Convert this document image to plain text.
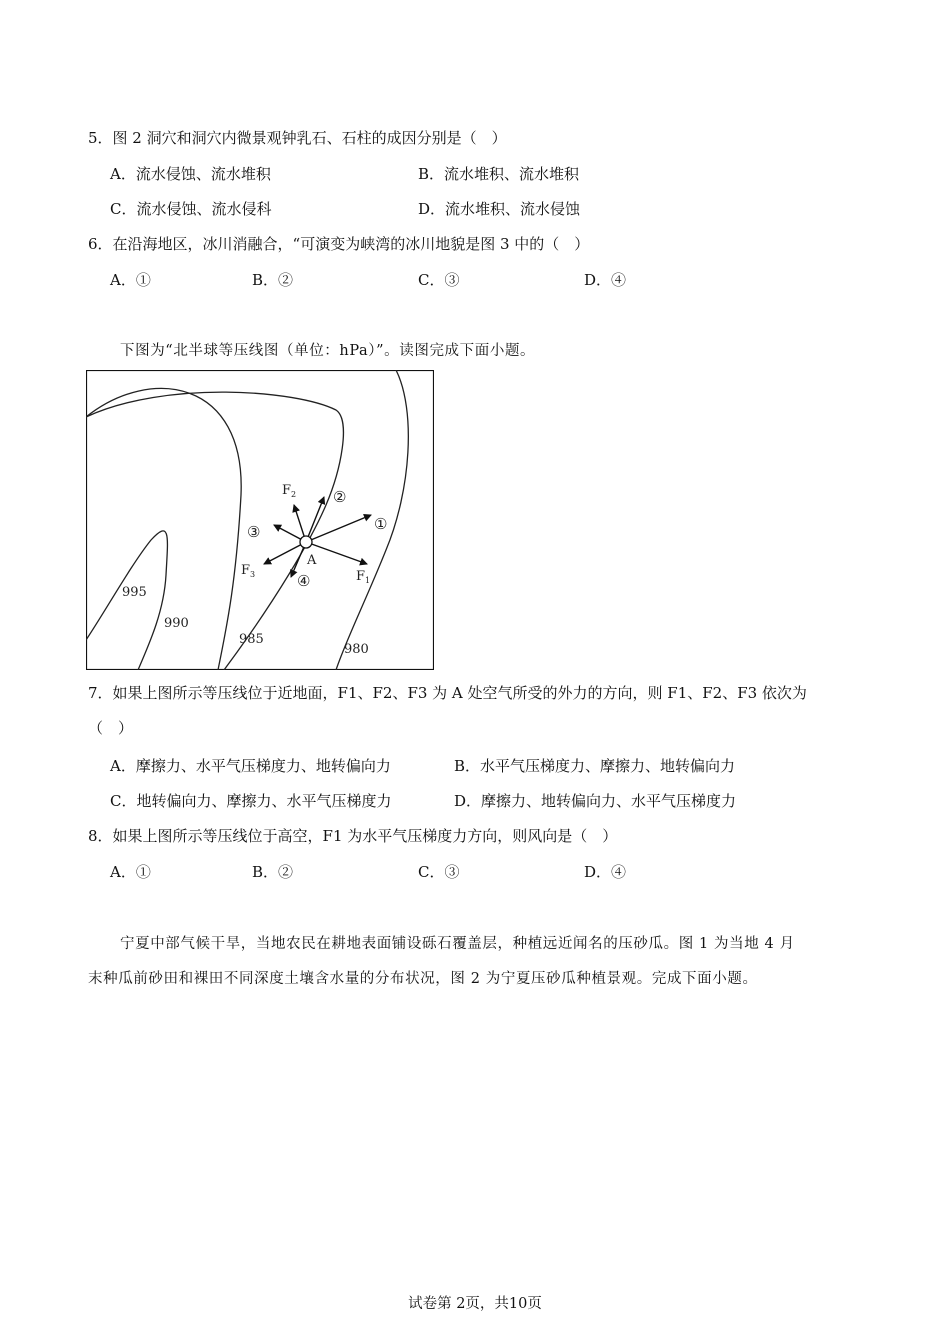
5．图 2 洞穴和洞穴内微景观钟乳石、石柱的成因分别是（　）
A．流水侵蚀、流水堆积	B．流水堆积、流水堆积
C．流水侵蚀、流水侵科	D．流水堆积、流水侵蚀
6．在沿海地区，冰川消融合，“可演变为峡湾的冰川地貌是图 3 中的（　）
A．①	B．②	C．③	D．④
下图为“北半球等压线图（单位：hPa）”。读图完成下面小题。
995
990
985
980
A
①
②
③
④	$F_1$
$F_2$
$F_3$
7．如果上图所示等压线位于近地面，F1、F2、F3 为 A 处空气所受的外力的方向，则 F1、F2、F3 依次为
（　）
A．摩擦力、水平气压梯度力、地转偏向力	B．水平气压梯度力、摩擦力、地转偏向力
C．地转偏向力、摩擦力、水平气压梯度力	D．摩擦力、地转偏向力、水平气压梯度力
8．如果上图所示等压线位于高空，F1 为水平气压梯度力方向，则风向是（　）
A．①	B．②	C．③	D．④
宁夏中部气候干旱，当地农民在耕地表面铺设砾石覆盖层，种植远近闻名的压砂瓜。图 1 为当地 4 月
末种瓜前砂田和裸田不同深度土壤含水量的分布状况，图 2 为宁夏压砂瓜种植景观。完成下面小题。
试卷第 2页，共10页
